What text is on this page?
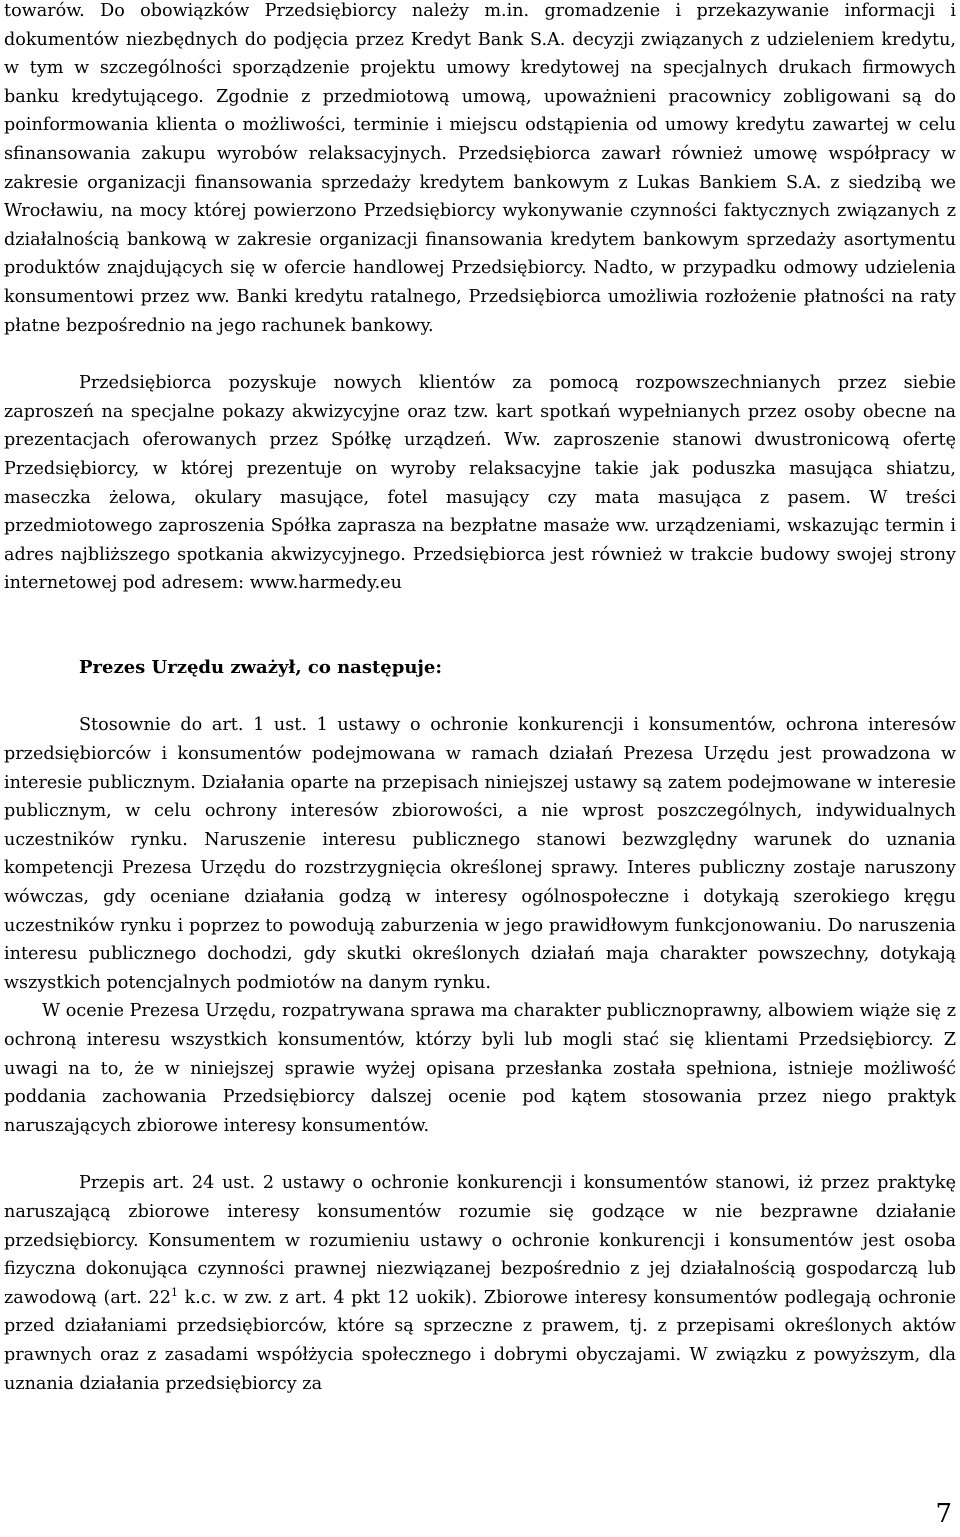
towarów. Do obowiązków Przedsiębiorcy należy m.in. gromadzenie i przekazywanie informacji i dokumentów niezbędnych do podjęcia przez Kredyt Bank S.A. decyzji związanych z udzieleniem kredytu, w tym w szczególności sporządzenie projektu umowy kredytowej na specjalnych drukach firmowych banku kredytującego. Zgodnie z przedmiotową umową, upoważnieni pracownicy zobligowani są do poinformowania klienta o możliwości, terminie i miejscu odstąpienia od umowy kredytu zawartej w celu sfinansowania zakupu wyrobów relaksacyjnych. Przedsiębiorca zawarł również umowę współpracy w zakresie organizacji finansowania sprzedaży kredytem bankowym z Lukas Bankiem S.A. z siedzibą we Wrocławiu, na mocy której powierzono Przedsiębiorcy wykonywanie czynności faktycznych związanych z działalnością bankową w zakresie organizacji finansowania kredytem bankowym sprzedaży asortymentu produktów znajdujących się w ofercie handlowej Przedsiębiorcy. Nadto, w przypadku odmowy udzielenia konsumentowi przez ww. Banki kredytu ratalnego, Przedsiębiorca umożliwia rozłożenie płatności na raty płatne bezpośrednio na jego rachunek bankowy.

Przedsiębiorca pozyskuje nowych klientów za pomocą rozpowszechnianych przez siebie zaproszeń na specjalne pokazy akwizycyjne oraz tzw. kart spotkań wypełnianych przez osoby obecne na prezentacjach oferowanych przez Spółkę urządzeń. Ww. zaproszenie stanowi dwustronicową ofertę Przedsiębiorcy, w której prezentuje on wyroby relaksacyjne takie jak poduszka masująca shiatzu, maseczka żelowa, okulary masujące, fotel masujący czy mata masująca z pasem. W treści przedmiotowego zaproszenia Spółka zaprasza na bezpłatne masaże ww. urządzeniami, wskazując termin i adres najbliższego spotkania akwizycyjnego. Przedsiębiorca jest również w trakcie budowy swojej strony internetowej pod adresem: www.harmedy.eu

Prezes Urzędu zważył, co następuje:

Stosownie do art. 1 ust. 1 ustawy o ochronie konkurencji i konsumentów, ochrona interesów przedsiębiorców i konsumentów podejmowana w ramach działań Prezesa Urzędu jest prowadzona w interesie publicznym. Działania oparte na przepisach niniejszej ustawy są zatem podejmowane w interesie publicznym, w celu ochrony interesów zbiorowości, a nie wprost poszczególnych, indywidualnych uczestników rynku. Naruszenie interesu publicznego stanowi bezwzględny warunek do uznania kompetencji Prezesa Urzędu do rozstrzygnięcia określonej sprawy. Interes publiczny zostaje naruszony wówczas, gdy oceniane działania godzą w interesy ogólnospołeczne i dotykają szerokiego kręgu uczestników rynku i poprzez to powodują zaburzenia w jego prawidłowym funkcjonowaniu. Do naruszenia interesu publicznego dochodzi, gdy skutki określonych działań maja charakter powszechny, dotykają wszystkich potencjalnych podmiotów na danym rynku.

W ocenie Prezesa Urzędu, rozpatrywana sprawa ma charakter publicznoprawny, albowiem wiąże się z ochroną interesu wszystkich konsumentów, którzy byli lub mogli stać się klientami Przedsiębiorcy. Z uwagi na to, że w niniejszej sprawie wyżej opisana przesłanka została spełniona, istnieje możliwość poddania zachowania Przedsiębiorcy dalszej ocenie pod kątem stosowania przez niego praktyk naruszających zbiorowe interesy konsumentów.

Przepis art. 24 ust. 2 ustawy o ochronie konkurencji i konsumentów stanowi, iż przez praktykę naruszającą zbiorowe interesy konsumentów rozumie się godzące w nie bezprawne działanie przedsiębiorcy. Konsumentem w rozumieniu ustawy o ochronie konkurencji i konsumentów jest osoba fizyczna dokonująca czynności prawnej niezwiązanej bezpośrednio z jej działalnością gospodarczą lub zawodową (art. $22^1$ k.c. w zw. z art. 4 pkt 12 uokik). Zbiorowe interesy konsumentów podlegają ochronie przed działaniami przedsiębiorców, które są sprzeczne z prawem, tj. z przepisami określonych aktów prawnych oraz z zasadami współżycia społecznego i dobrymi obyczajami. W związku z powyższym, dla uznania działania przedsiębiorcy za

7
